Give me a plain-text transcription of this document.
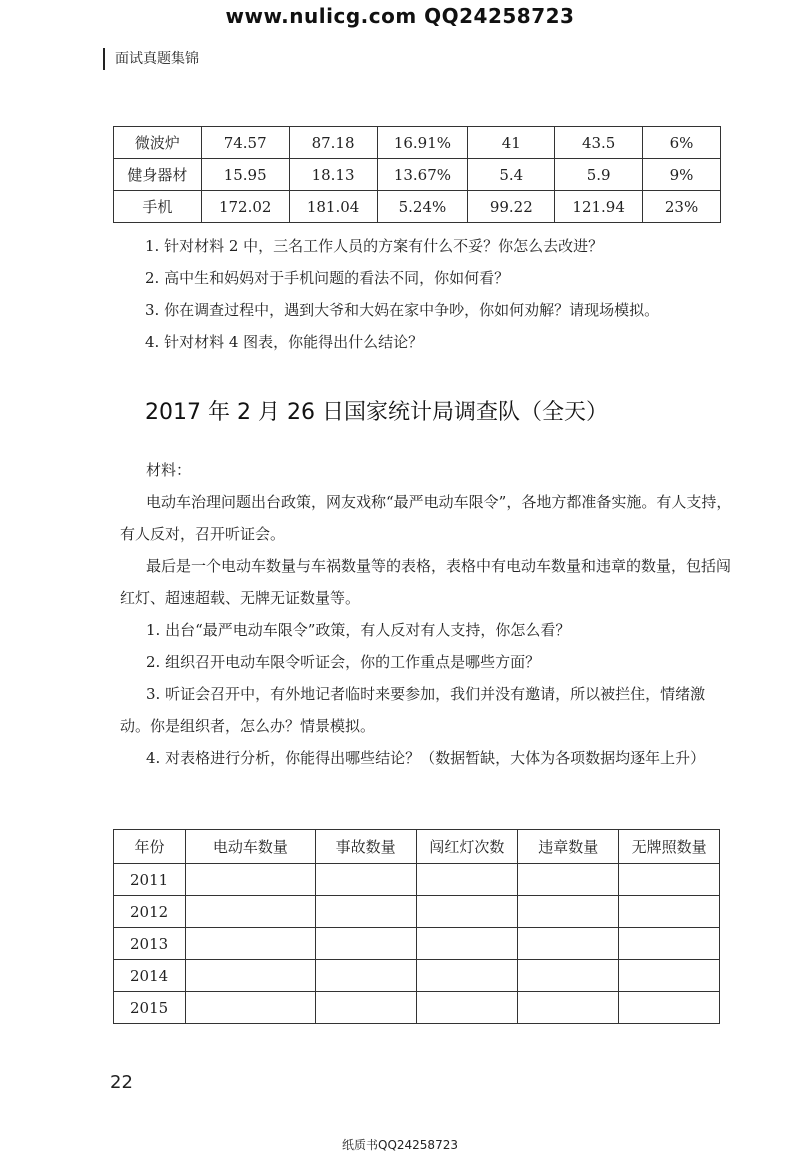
www.nulicg.com QQ24258723
面试真题集锦
微波炉	74.57	87.18	16.91%	41	43.5	6%
健身器材	15.95	18.13	13.67%	5.4	5.9	9%
手机	172.02	181.04	5.24%	99.22	121.94	23%
1. 针对材料 2 中，三名工作人员的方案有什么不妥？你怎么去改进？
2. 高中生和妈妈对于手机问题的看法不同，你如何看？
3. 你在调查过程中，遇到大爷和大妈在家中争吵，你如何劝解？请现场模拟。
4. 针对材料 4 图表，你能得出什么结论？
2017 年 2 月 26 日国家统计局调查队（全天）

材料：

电动车治理问题出台政策，网友戏称“最严电动车限令”，各地方都准备实施。有人支持，有人反对，召开听证会。

最后是一个电动车数量与车祸数量等的表格，表格中有电动车数量和违章的数量，包括闯红灯、超速超载、无牌无证数量等。

1. 出台“最严电动车限令”政策，有人反对有人支持，你怎么看？

2. 组织召开电动车限令听证会，你的工作重点是哪些方面？

3. 听证会召开中，有外地记者临时来要参加，我们并没有邀请，所以被拦住，情绪激动。你是组织者，怎么办？情景模拟。

4. 对表格进行分析，你能得出哪些结论？（数据暂缺，大体为各项数据均逐年上升）

年份	电动车数量	事故数量	闯红灯次数	违章数量	无牌照数量
2011					
2012					
2013					
2014					
2015					
22
纸质书QQ24258723
